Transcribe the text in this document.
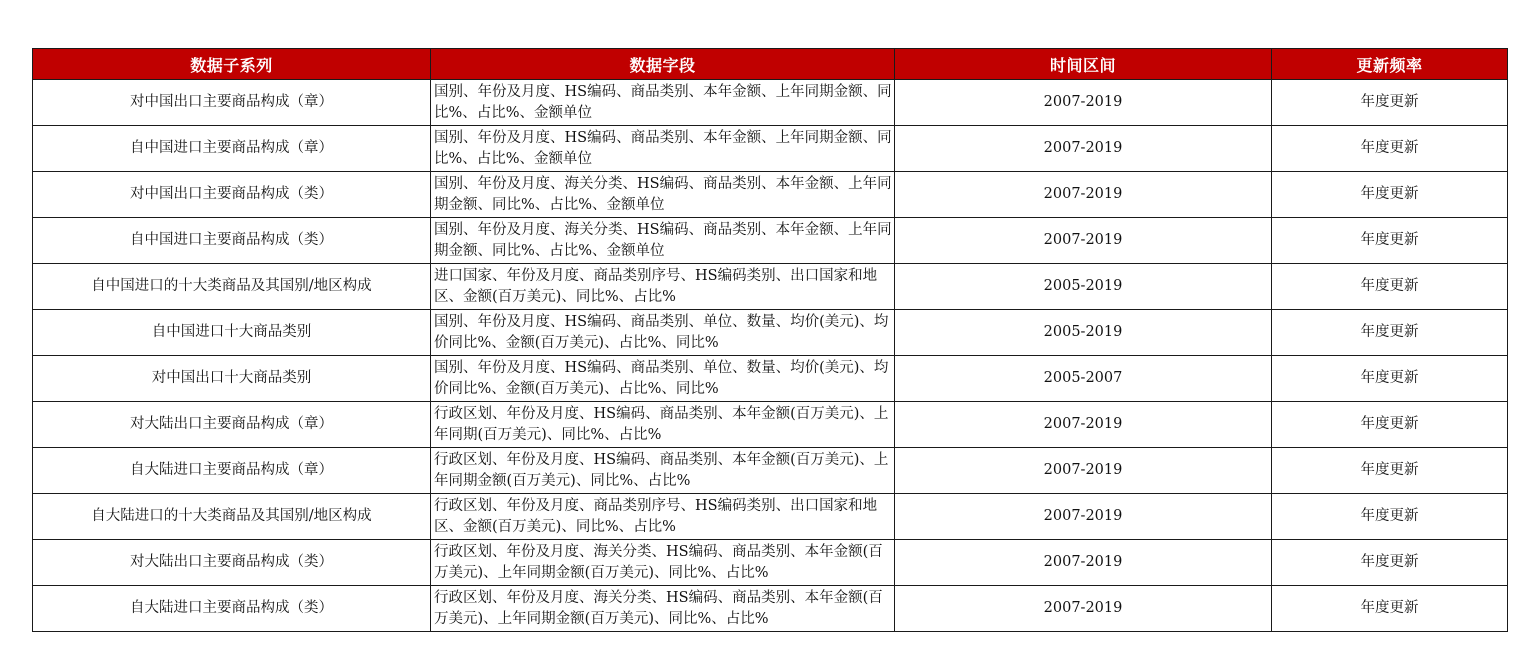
数据子系列	数据字段	时间区间	更新频率
对中国出口主要商品构成（章）	国别、年份及月度、HS编码、商品类别、本年金额、上年同期金额、同比%、占比%、金额单位	2007-2019	年度更新
自中国进口主要商品构成（章）	国别、年份及月度、HS编码、商品类别、本年金额、上年同期金额、同比%、占比%、金额单位	2007-2019	年度更新
对中国出口主要商品构成（类）	国别、年份及月度、海关分类、HS编码、商品类别、本年金额、上年同期金额、同比%、占比%、金额单位	2007-2019	年度更新
自中国进口主要商品构成（类）	国别、年份及月度、海关分类、HS编码、商品类别、本年金额、上年同期金额、同比%、占比%、金额单位	2007-2019	年度更新
自中国进口的十大类商品及其国别/地区构成	进口国家、年份及月度、商品类别序号、HS编码类别、出口国家和地区、金额(百万美元)、同比%、占比%	2005-2019	年度更新
自中国进口十大商品类别	国别、年份及月度、HS编码、商品类别、单位、数量、均价(美元)、均价同比%、金额(百万美元)、占比%、同比%	2005-2019	年度更新
对中国出口十大商品类别	国别、年份及月度、HS编码、商品类别、单位、数量、均价(美元)、均价同比%、金额(百万美元)、占比%、同比%	2005-2007	年度更新
对大陆出口主要商品构成（章）	行政区划、年份及月度、HS编码、商品类别、本年金额(百万美元)、上年同期(百万美元)、同比%、占比%	2007-2019	年度更新
自大陆进口主要商品构成（章）	行政区划、年份及月度、HS编码、商品类别、本年金额(百万美元)、上年同期金额(百万美元)、同比%、占比%	2007-2019	年度更新
自大陆进口的十大类商品及其国别/地区构成	行政区划、年份及月度、商品类别序号、HS编码类别、出口国家和地区、金额(百万美元)、同比%、占比%	2007-2019	年度更新
对大陆出口主要商品构成（类）	行政区划、年份及月度、海关分类、HS编码、商品类别、本年金额(百万美元)、上年同期金额(百万美元)、同比%、占比%	2007-2019	年度更新
自大陆进口主要商品构成（类）	行政区划、年份及月度、海关分类、HS编码、商品类别、本年金额(百万美元)、上年同期金额(百万美元)、同比%、占比%	2007-2019	年度更新
